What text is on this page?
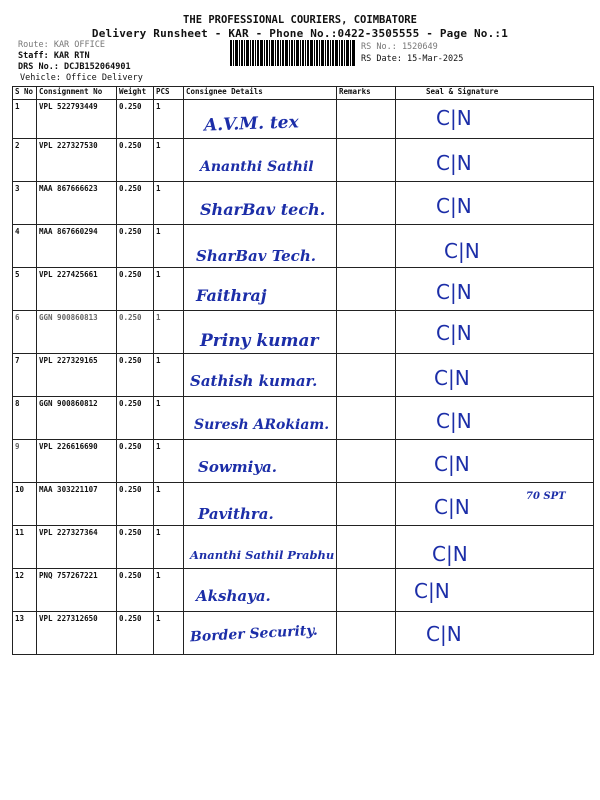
THE PROFESSIONAL COURIERS, COIMBATORE
Delivery Runsheet - KAR - Phone No.:0422-3505555 - Page No.:1
Route: KAR OFFICE
Staff: KAR RTN
DRS No.: DCJB152064901
Vehicle: Office Delivery
RS No.: 1520649
RS Date: 15-Mar-2025
S No	Consignment No	Weight	PCS	Consignee Details	Remarks	Seal & Signature
1	VPL 522793449	0.250	1	A.V.M. tex		C|N

2	VPL 227327530	0.250	1	Ananthi Sathil		C|N

3	MAA 867666623	0.250	1	SharBav tech.		C|N

4	MAA 867660294	0.250	1	SharBav Tech.		C|N

5	VPL 227425661	0.250	1	Faithraj		C|N

6	GGN 900860813	0.250	1	Priny kumar		C|N

7	VPL 227329165	0.250	1	Sathish kumar.		C|N

8	GGN 900860812	0.250	1	Suresh ARokiam.		C|N

9	VPL 226616690	0.250	1	Sowmiya.		C|N

10	MAA 303221107	0.250	1	Pavithra.		C|N 70 SPT

11	VPL 227327364	0.250	1	Ananthi Sathil Prabhu		C|N

12	PNQ 757267221	0.250	1	Akshaya.		C|N

13	VPL 227312650	0.250	1	Border Security.		C|N
